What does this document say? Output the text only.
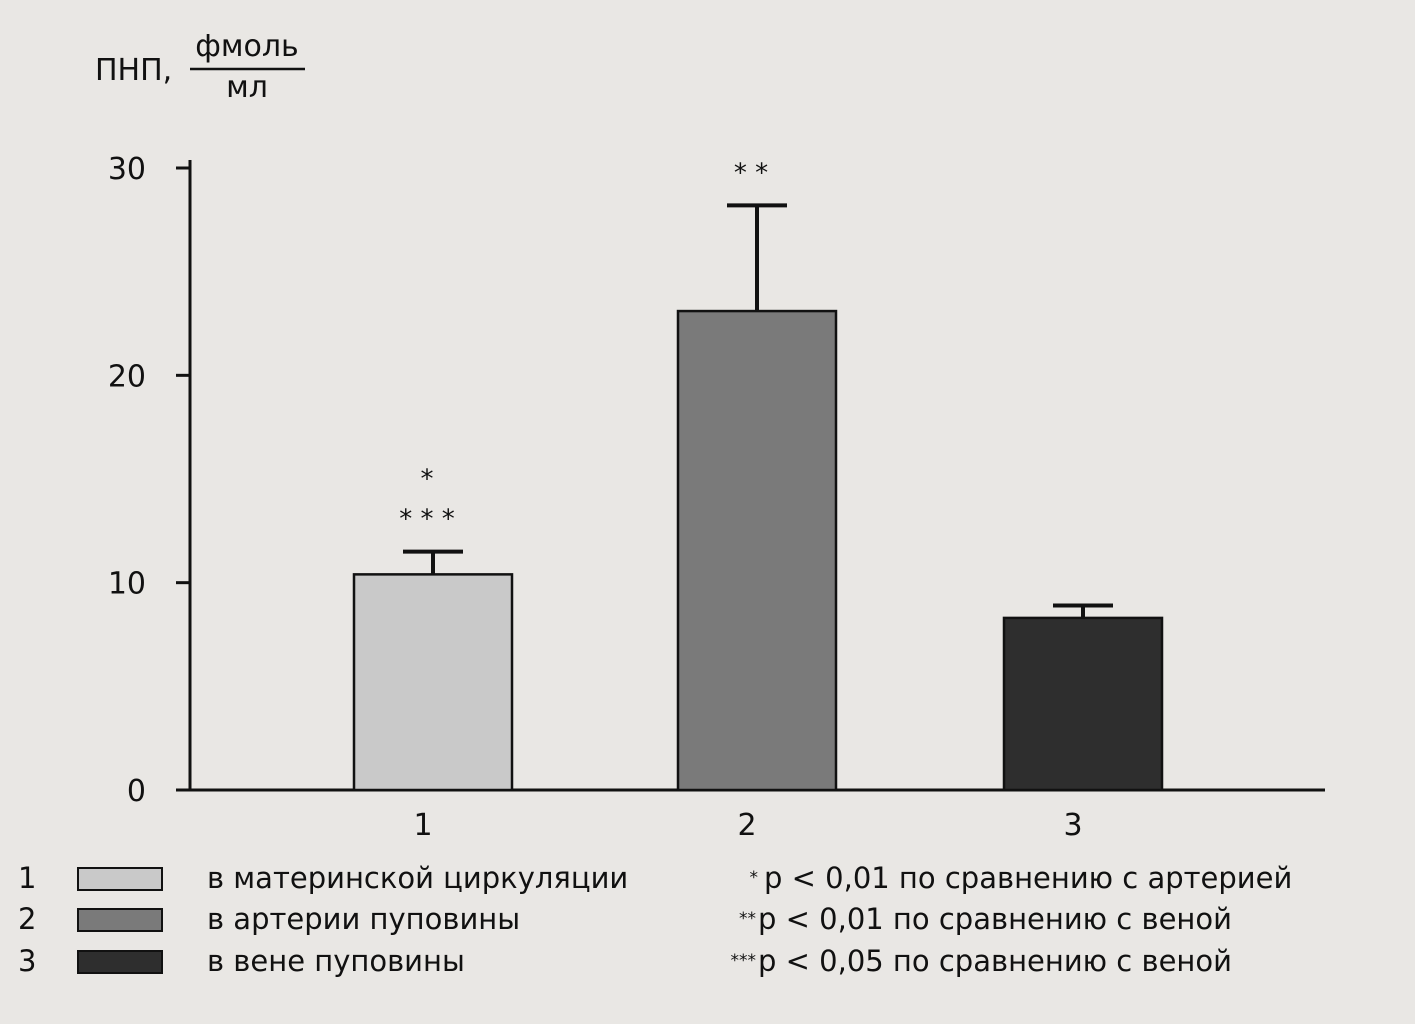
ПНП,
фмоль
мл
0
10
20
30
* * *
*
* *
1	2	3
1	в материнской циркуляции
2	в артерии пуповины
3	в вене пуповины
* р < 0,01 по сравнению с артерией
** р < 0,01 по сравнению с веной
*** р < 0,05 по сравнению с веной
